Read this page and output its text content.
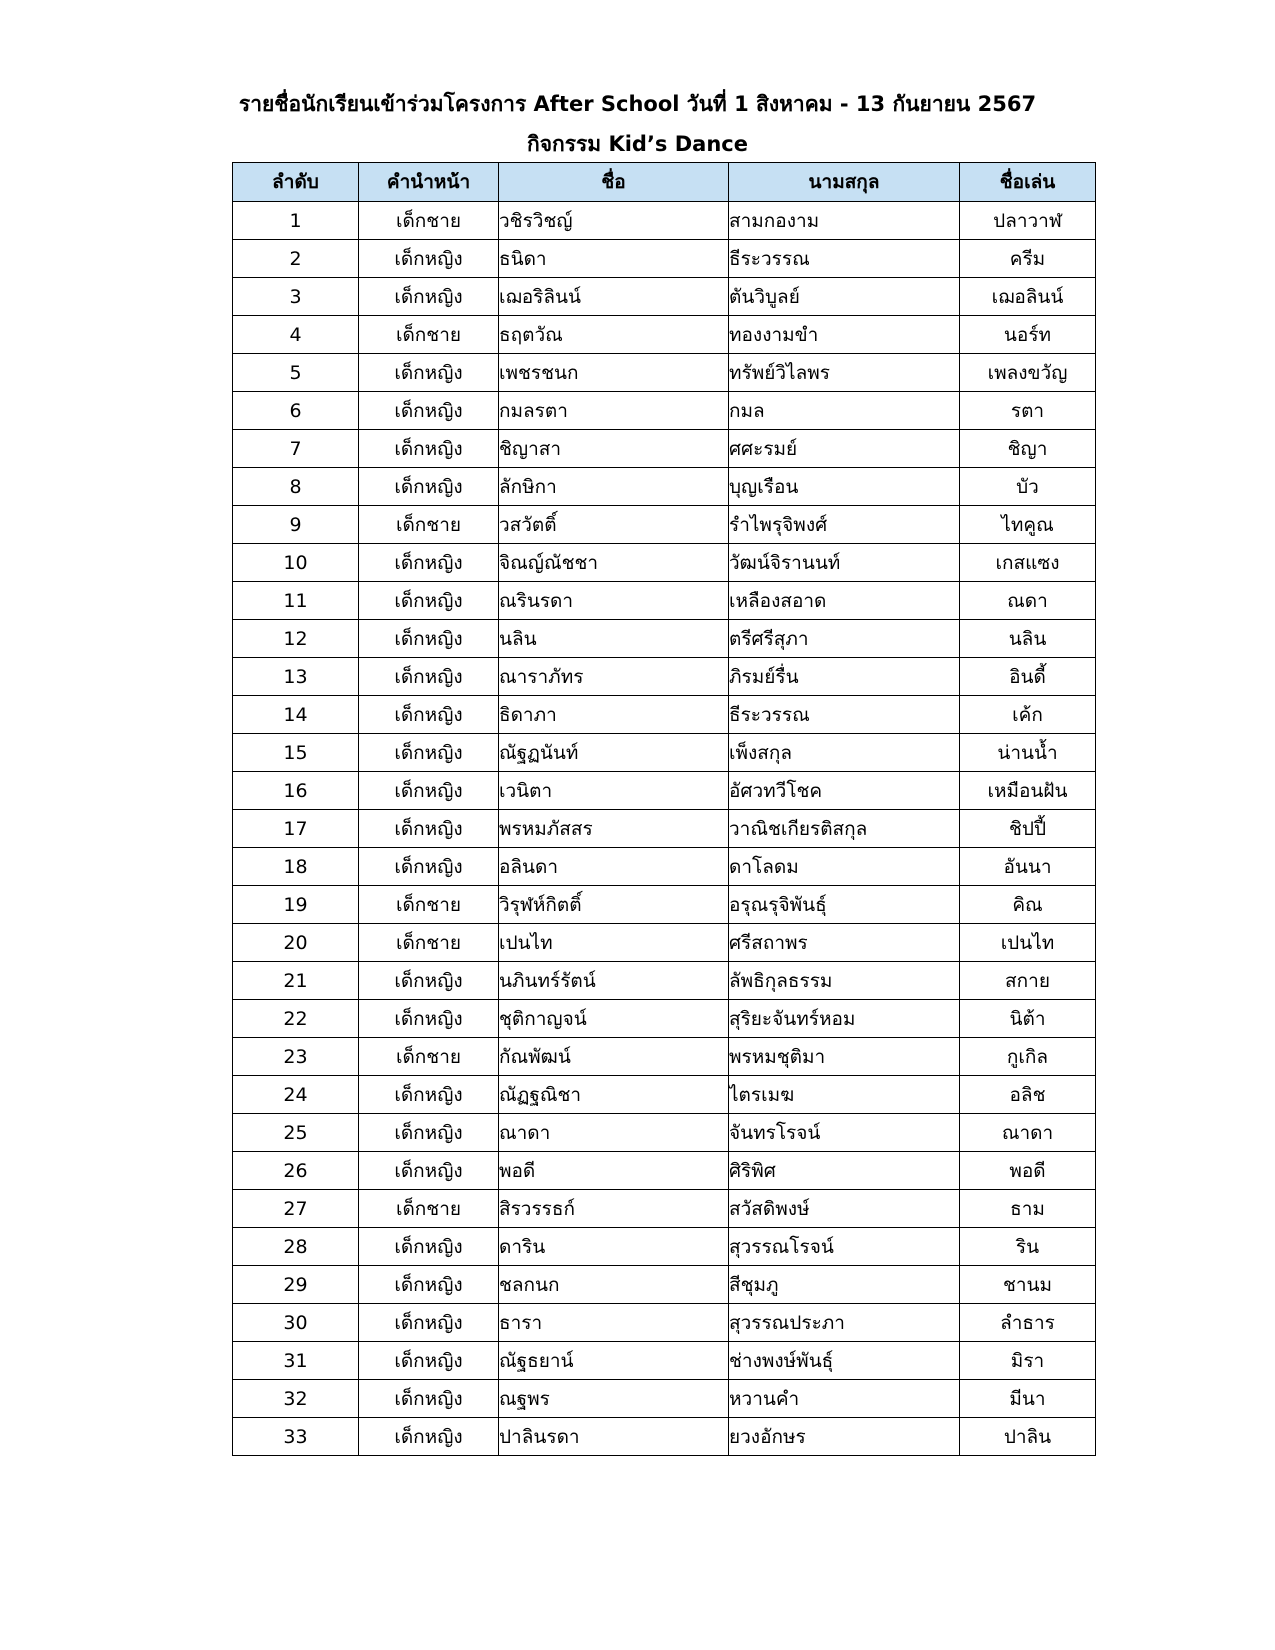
รายชื่อนักเรียนเข้าร่วมโครงการ After School วันที่ 1 สิงหาคม - 13 กันยายน 2567
กิจกรรม Kid’s Dance
ลำดับ	คำนำหน้า	ชื่อ	นามสกุล	ชื่อเล่น
1	เด็กชาย	วชิรวิชญ์	สามกองาม	ปลาวาฬ
2	เด็กหญิง	ธนิดา	ธีระวรรณ	ครีม
3	เด็กหญิง	เฌอริลินน์	ตันวิบูลย์	เฌอลินน์
4	เด็กชาย	ธฤตวัณ	ทองงามขำ	นอร์ท
5	เด็กหญิง	เพชรชนก	ทรัพย์วิไลพร	เพลงขวัญ
6	เด็กหญิง	กมลรตา	กมล	รตา
7	เด็กหญิง	ชิญาสา	ศศะรมย์	ชิญา
8	เด็กหญิง	ลักษิกา	บุญเรือน	บัว
9	เด็กชาย	วสวัตติ์	รำไพรุจิพงศ์	ไทคูณ
10	เด็กหญิง	จิณญ์ณัชชา	วัฒน์จิรานนท์	เกสแซง
11	เด็กหญิง	ณรินรดา	เหลืองสอาด	ณดา
12	เด็กหญิง	นลิน	ตรีศรีสุภา	นลิน
13	เด็กหญิง	ณาราภัทร	ภิรมย์รื่น	อินดี้
14	เด็กหญิง	ธิดาภา	ธีระวรรณ	เค้ก
15	เด็กหญิง	ณัฐฏนันท์	เพ็งสกุล	น่านน้ำ
16	เด็กหญิง	เวนิตา	อัศวทวีโชค	เหมือนฝัน
17	เด็กหญิง	พรหมภัสสร	วาณิชเกียรติสกุล	ชิปปี้
18	เด็กหญิง	อลินดา	ดาโลดม	อันนา
19	เด็กชาย	วิรุฬห์กิตติ์	อรุณรุจิพันธุ์	คิณ
20	เด็กชาย	เปนไท	ศรีสถาพร	เปนไท
21	เด็กหญิง	นภินทร์รัตน์	ลัพธิกุลธรรม	สกาย
22	เด็กหญิง	ชุติกาญจน์	สุริยะจันทร์หอม	นิต้า
23	เด็กชาย	กัณพัฒน์	พรหมชุติมา	กูเกิล
24	เด็กหญิง	ณัฏฐณิชา	ไตรเมฆ	อลิช
25	เด็กหญิง	ณาดา	จันทรโรจน์	ณาดา
26	เด็กหญิง	พอดี	ศิริพิศ	พอดี
27	เด็กชาย	สิรวรรธก์	สวัสดิพงษ์	ธาม
28	เด็กหญิง	ดาริน	สุวรรณโรจน์	ริน
29	เด็กหญิง	ชลกนก	สีชุมภู	ชานม
30	เด็กหญิง	ธารา	สุวรรณประภา	ลำธาร
31	เด็กหญิง	ณัฐธยาน์	ช่างพงษ์พันธุ์	มิรา
32	เด็กหญิง	ณฐพร	หวานคำ	มีนา
33	เด็กหญิง	ปาลินรดา	ยวงอักษร	ปาลิน
